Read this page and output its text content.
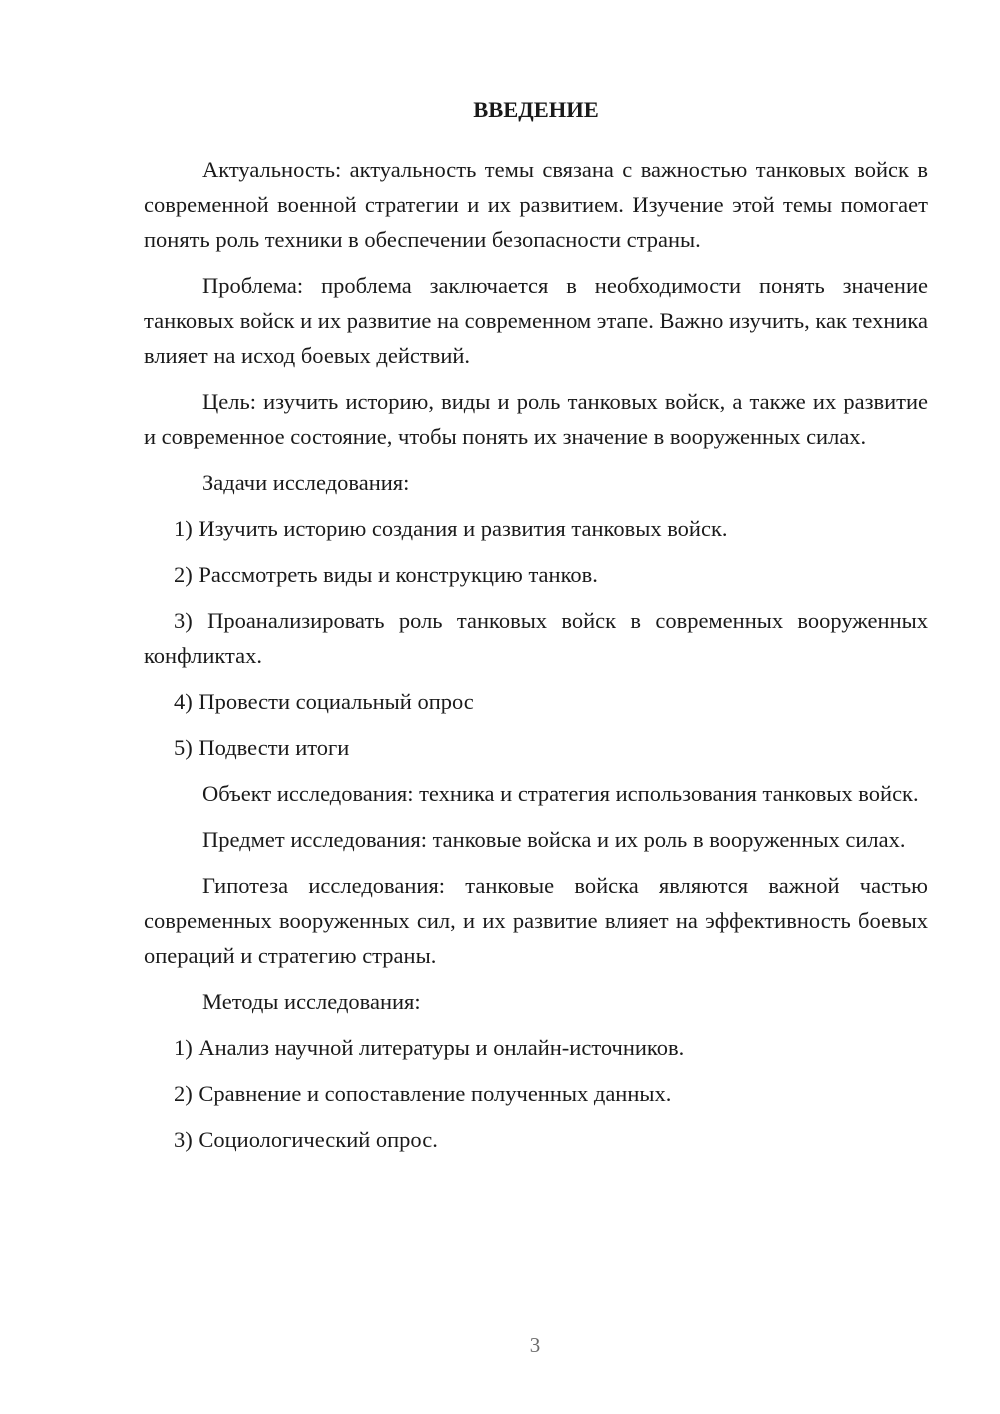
ВВЕДЕНИЕ

Актуальность: актуальность темы связана с важностью танковых войск в современной военной стратегии и их развитием. Изучение этой темы помогает понять роль техники в обеспечении безопасности страны.

Проблема: проблема заключается в необходимости понять значение танковых войск и их развитие на современном этапе. Важно изучить, как техника влияет на исход боевых действий.

Цель: изучить историю, виды и роль танковых войск, а также их развитие и современное состояние, чтобы понять их значение в вооруженных силах.

Задачи исследования:

1) Изучить историю создания и развития танковых войск.

2) Рассмотреть виды и конструкцию танков.

3) Проанализировать роль танковых войск в современных вооруженных конфликтах.

4) Провести социальный опрос

5) Подвести итоги

Объект исследования: техника и стратегия использования танковых войск.

Предмет исследования: танковые войска и их роль в вооруженных силах.

Гипотеза исследования: танковые войска являются важной частью современных вооруженных сил, и их развитие влияет на эффективность боевых операций и стратегию страны.

Методы исследования:

1) Анализ научной литературы и онлайн-источников.

2) Сравнение и сопоставление полученных данных.

3) Социологический опрос.

3
